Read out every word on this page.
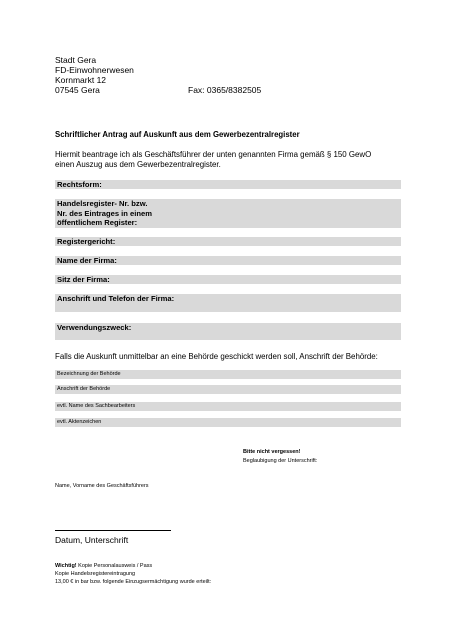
Stadt Gera
FD-Einwohnerwesen
Kornmarkt 12
07545 Gera	Fax: 0365/8382505
Schriftlicher Antrag auf Auskunft aus dem Gewerbezentralregister
Hiermit beantrage ich als Geschäftsführer der unten genannten Firma gemäß § 150 GewO
einen Auszug aus dem Gewerbezentralregister.
Rechtsform:
Handelsregister- Nr. bzw.
Nr. des Eintrages in einem
öffentlichem Register:
Registergericht:
Name der Firma:
Sitz der Firma:
Anschrift und Telefon der Firma:
Verwendungszweck:
Falls die Auskunft unmittelbar an eine Behörde geschickt werden soll, Anschrift der Behörde:
Bezeichnung der Behörde
Anschrift der Behörde
evtl. Name des Sachbearbeiters
evtl. Aktenzeichen
Bitte nicht vergessen!
Beglaubigung der Unterschrift:
Name, Vorname des Geschäftsführers
Datum, Unterschrift
Wichtig! Kopie Personalausweis / Pass
Kopie Handelsregistereintragung
13,00 € in bar bzw. folgende Einzugsermächtigung wurde erteilt:
